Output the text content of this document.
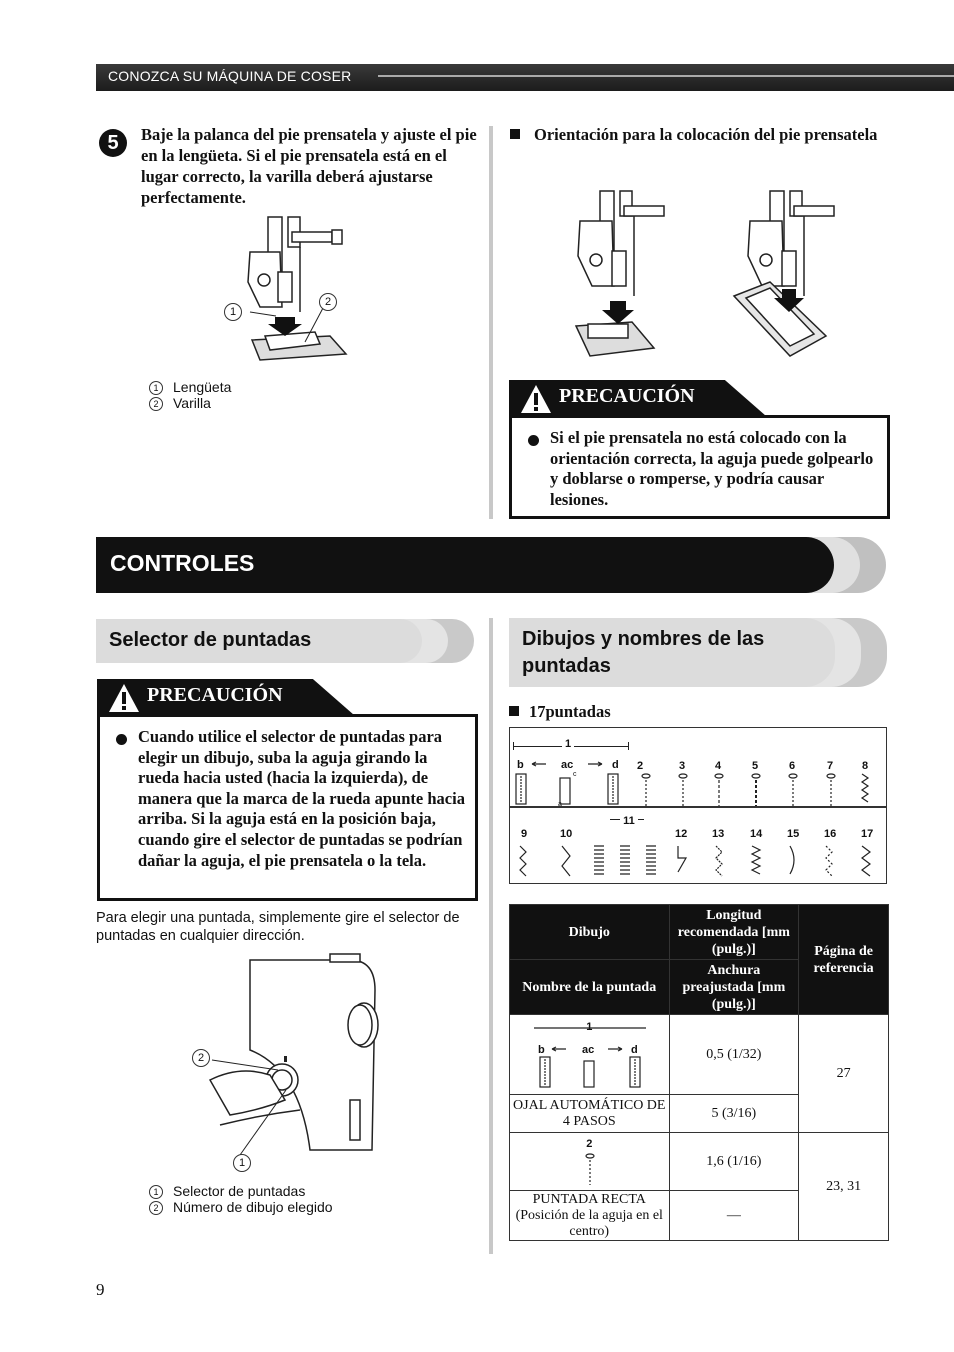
CONOZCA SU MÁQUINA DE COSER
5	Baje la palanca del pie prensatela y ajuste el pie en la lengüeta. Si el pie prensatela está en el lugar correcto, la varilla deberá ajustarse perfectamente.
1
2
1 Lengüeta
2 Varilla
Orientación para la colocación del pie prensatela
PRECAUCIÓN
Si el pie prensatela no está colocado con la orientación correcta, la aguja puede golpearlo y doblarse o romperse, y podría causar lesiones.
CONTROLES
Selector de puntadas
PRECAUCIÓN
Cuando utilice el selector de puntadas para elegir un dibujo, suba la aguja girando la rueda hacia usted (hacia la izquierda), de manera que la marca de la rueda apunte hacia arriba. Si la aguja está en la posición baja, cuando gire el selector de puntadas se podrían dañar la aguja, el pie prensatela o la tela.
Para elegir una puntada, simplemente gire el selector de puntadas en cualquier dirección.
2
1
1 Selector de puntadas
2 Número de dibujo elegido
Dibujos y nombres de las puntadas
17puntadas
1
b	ac	d
a
c
11
2	3	4	5	6	7	8
9	10	12 13 14 15 16 17
Dibujo	Longitud recomendada [mm (pulg.)]	Página de referencia
Nombre de la puntada	Anchura preajustada [mm (pulg.)]	

1
b ac d	0,5 (1/32)	27
OJAL AUTOMÁTICO DE 4 PASOS	5 (3/16)	

2	1,6 (1/16)	23, 31
PUNTADA RECTA (Posición de la aguja en el centro)	—	
9
